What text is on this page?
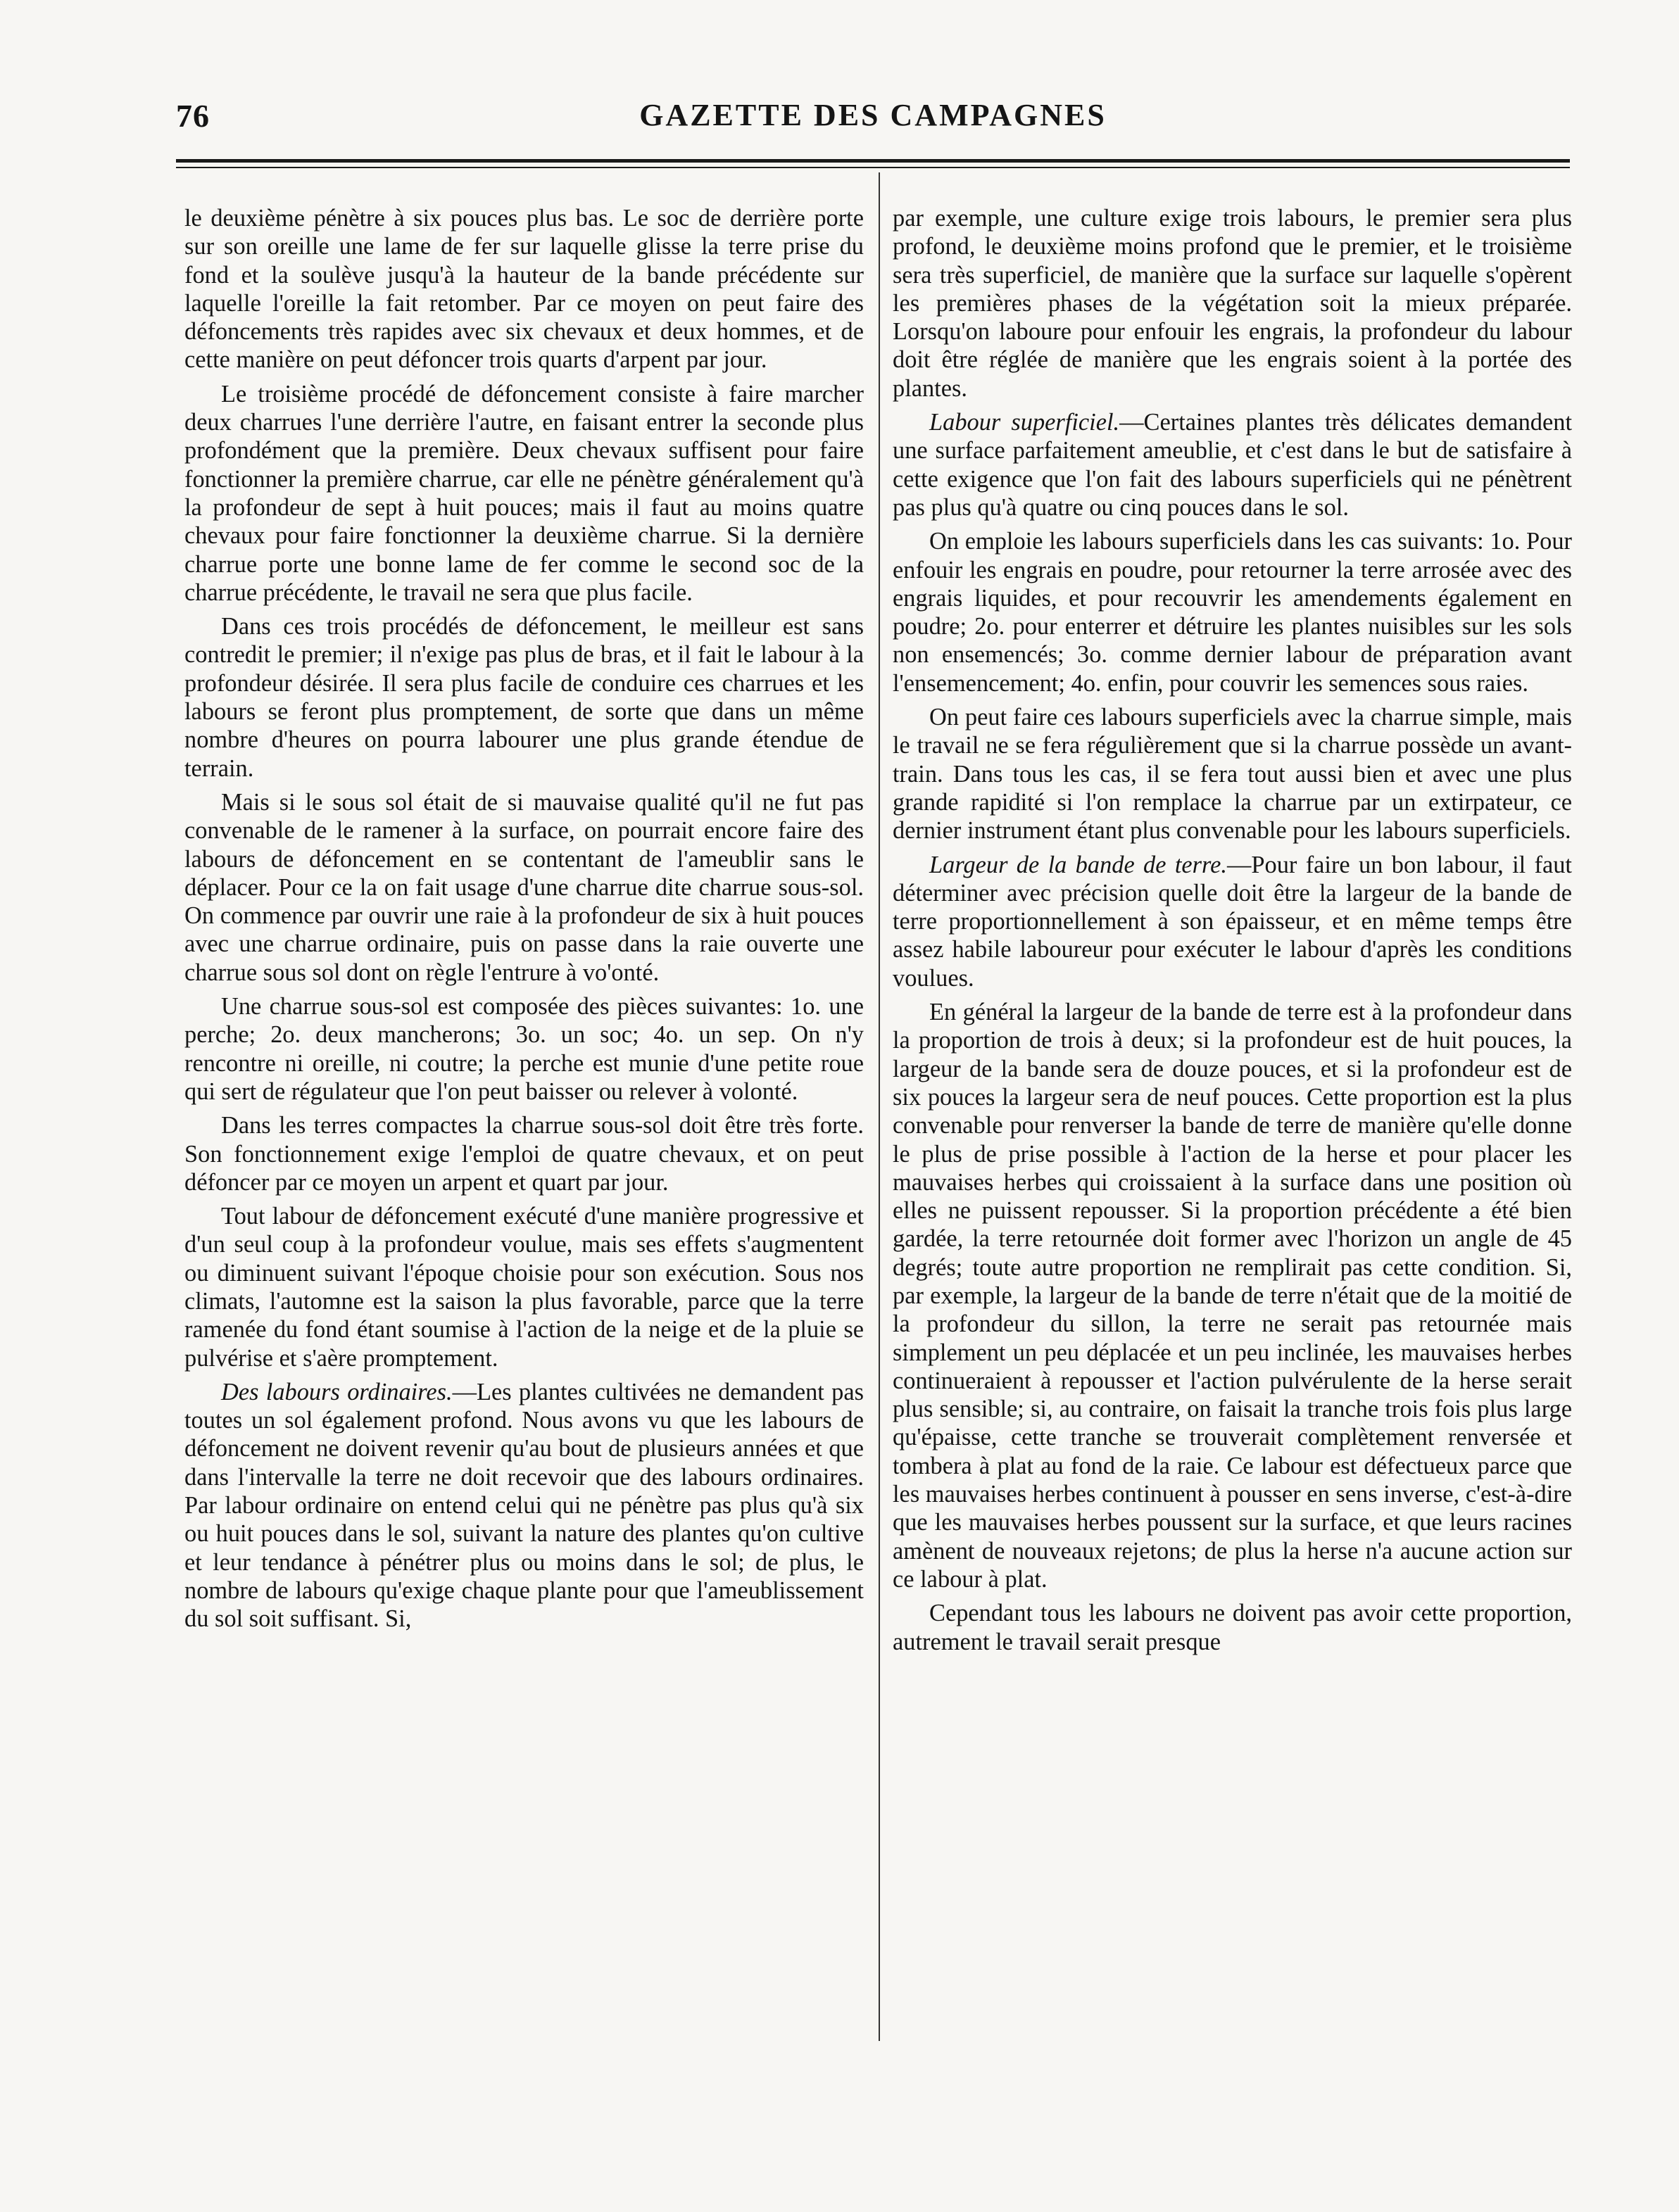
76	GAZETTE DES CAMPAGNES

le deuxième pénètre à six pouces plus bas. Le soc de derrière porte sur son oreille une lame de fer sur laquelle glisse la terre prise du fond et la soulève jusqu'à la hauteur de la bande précédente sur laquelle l'oreille la fait retomber. Par ce moyen on peut faire des défoncements très rapides avec six chevaux et deux hommes, et de cette manière on peut défoncer trois quarts d'arpent par jour.

Le troisième procédé de défoncement consiste à faire marcher deux charrues l'une derrière l'autre, en faisant entrer la seconde plus profondément que la première. Deux chevaux suffisent pour faire fonctionner la première charrue, car elle ne pénètre généralement qu'à la profondeur de sept à huit pouces; mais il faut au moins quatre chevaux pour faire fonctionner la deuxième charrue. Si la dernière charrue porte une bonne lame de fer comme le second soc de la charrue précédente, le travail ne sera que plus facile.

Dans ces trois procédés de défoncement, le meilleur est sans contredit le premier; il n'exige pas plus de bras, et il fait le labour à la profondeur désirée. Il sera plus facile de conduire ces charrues et les labours se feront plus promptement, de sorte que dans un même nombre d'heures on pourra labourer une plus grande étendue de terrain.

Mais si le sous sol était de si mauvaise qualité qu'il ne fut pas convenable de le ramener à la surface, on pourrait encore faire des labours de défoncement en se contentant de l'ameublir sans le déplacer. Pour ce la on fait usage d'une charrue dite charrue sous-sol. On commence par ouvrir une raie à la profondeur de six à huit pouces avec une charrue ordinaire, puis on passe dans la raie ouverte une charrue sous sol dont on règle l'entrure à vo'onté.

Une charrue sous-sol est composée des pièces suivantes: 1o. une perche; 2o. deux mancherons; 3o. un soc; 4o. un sep. On n'y rencontre ni oreille, ni coutre; la perche est munie d'une petite roue qui sert de régulateur que l'on peut baisser ou relever à volonté.

Dans les terres compactes la charrue sous-sol doit être très forte. Son fonctionnement exige l'emploi de quatre chevaux, et on peut défoncer par ce moyen un arpent et quart par jour.

Tout labour de défoncement exécuté d'une manière progressive et d'un seul coup à la profondeur voulue, mais ses effets s'augmentent ou diminuent suivant l'époque choisie pour son exécution. Sous nos climats, l'automne est la saison la plus favorable, parce que la terre ramenée du fond étant soumise à l'action de la neige et de la pluie se pulvérise et s'aère promptement.

Des labours ordinaires.—Les plantes cultivées ne demandent pas toutes un sol également profond. Nous avons vu que les labours de défoncement ne doivent revenir qu'au bout de plusieurs années et que dans l'intervalle la terre ne doit recevoir que des labours ordinaires. Par labour ordinaire on entend celui qui ne pénètre pas plus qu'à six ou huit pouces dans le sol, suivant la nature des plantes qu'on cultive et leur tendance à pénétrer plus ou moins dans le sol; de plus, le nombre de labours qu'exige chaque plante pour que l'ameublissement du sol soit suffisant. Si,

par exemple, une culture exige trois labours, le premier sera plus profond, le deuxième moins profond que le premier, et le troisième sera très superficiel, de manière que la surface sur laquelle s'opèrent les premières phases de la végétation soit la mieux préparée. Lorsqu'on laboure pour enfouir les engrais, la profondeur du labour doit être réglée de manière que les engrais soient à la portée des plantes.

Labour superficiel.—Certaines plantes très délicates demandent une surface parfaitement ameublie, et c'est dans le but de satisfaire à cette exigence que l'on fait des labours superficiels qui ne pénètrent pas plus qu'à quatre ou cinq pouces dans le sol.

On emploie les labours superficiels dans les cas suivants: 1o. Pour enfouir les engrais en poudre, pour retourner la terre arrosée avec des engrais liquides, et pour recouvrir les amendements également en poudre; 2o. pour enterrer et détruire les plantes nuisibles sur les sols non ensemencés; 3o. comme dernier labour de préparation avant l'ensemencement; 4o. enfin, pour couvrir les semences sous raies.

On peut faire ces labours superficiels avec la charrue simple, mais le travail ne se fera régulièrement que si la charrue possède un avant-train. Dans tous les cas, il se fera tout aussi bien et avec une plus grande rapidité si l'on remplace la charrue par un extirpateur, ce dernier instrument étant plus convenable pour les labours superficiels.

Largeur de la bande de terre.—Pour faire un bon labour, il faut déterminer avec précision quelle doit être la largeur de la bande de terre proportionnellement à son épaisseur, et en même temps être assez habile laboureur pour exécuter le labour d'après les conditions voulues.

En général la largeur de la bande de terre est à la profondeur dans la proportion de trois à deux; si la profondeur est de huit pouces, la largeur de la bande sera de douze pouces, et si la profondeur est de six pouces la largeur sera de neuf pouces. Cette proportion est la plus convenable pour renverser la bande de terre de manière qu'elle donne le plus de prise possible à l'action de la herse et pour placer les mauvaises herbes qui croissaient à la surface dans une position où elles ne puissent repousser. Si la proportion précédente a été bien gardée, la terre retournée doit former avec l'horizon un angle de 45 degrés; toute autre proportion ne remplirait pas cette condition. Si, par exemple, la largeur de la bande de terre n'était que de la moitié de la profondeur du sillon, la terre ne serait pas retournée mais simplement un peu déplacée et un peu inclinée, les mauvaises herbes continueraient à repousser et l'action pulvérulente de la herse serait plus sensible; si, au contraire, on faisait la tranche trois fois plus large qu'épaisse, cette tranche se trouverait complètement renversée et tombera à plat au fond de la raie. Ce labour est défectueux parce que les mauvaises herbes continuent à pousser en sens inverse, c'est-à-dire que les mauvaises herbes poussent sur la surface, et que leurs racines amènent de nouveaux rejetons; de plus la herse n'a aucune action sur ce labour à plat.

Cependant tous les labours ne doivent pas avoir cette proportion, autrement le travail serait presque
